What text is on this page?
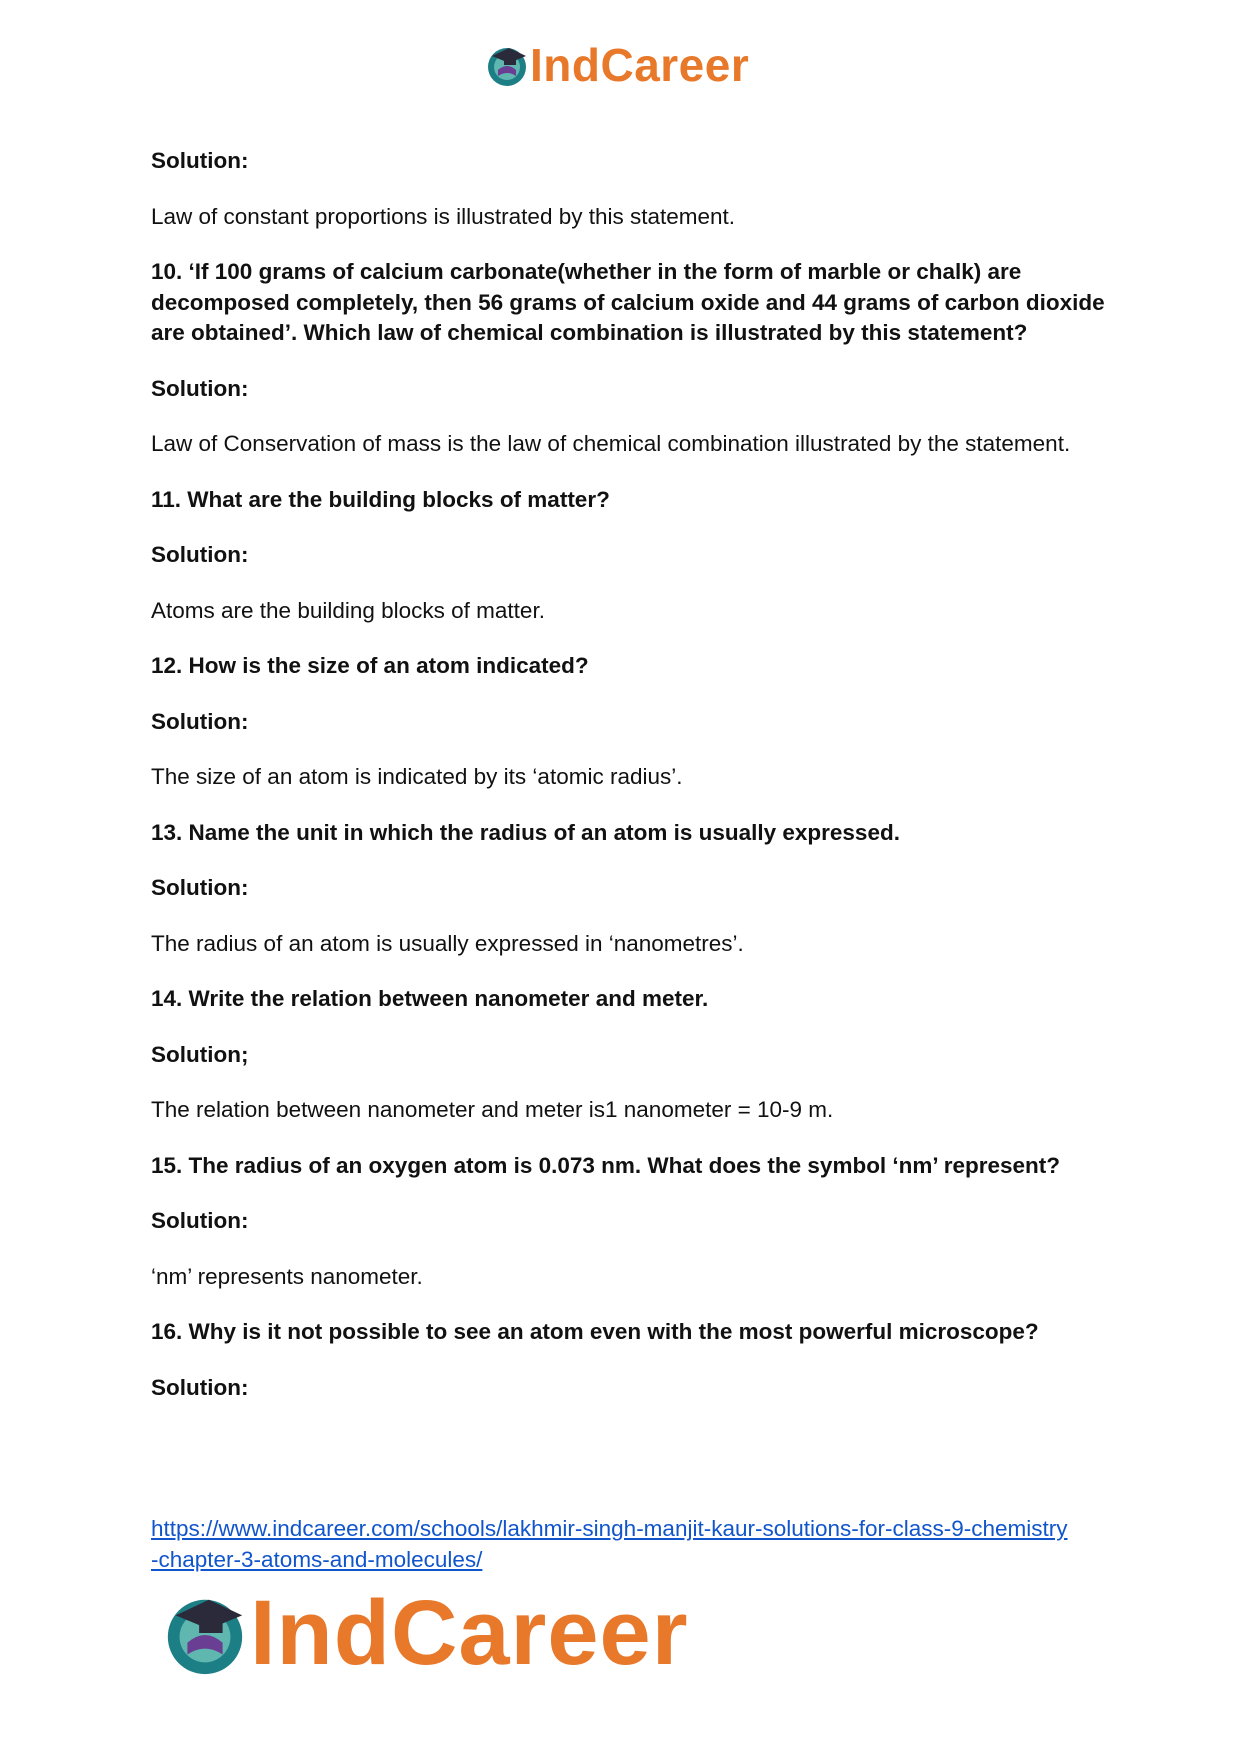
IndCareer

Solution:

Law of constant proportions is illustrated by this statement.

10. ‘If 100 grams of calcium carbonate(whether in the form of marble or chalk) are decomposed completely, then 56 grams of calcium oxide and 44 grams of carbon dioxide are obtained’. Which law of chemical combination is illustrated by this statement?

Solution:

Law of Conservation of mass is the law of chemical combination illustrated by the statement.

11. What are the building blocks of matter?

Solution:

Atoms are the building blocks of matter.

12. How is the size of an atom indicated?

Solution:

The size of an atom is indicated by its ‘atomic radius’.

13. Name the unit in which the radius of an atom is usually expressed.

Solution:

The radius of an atom is usually expressed in ‘nanometres’.

14. Write the relation between nanometer and meter.

Solution;

The relation between nanometer and meter is1 nanometer = 10-9 m.

15. The radius of an oxygen atom is 0.073 nm. What does the symbol ‘nm’ represent?

Solution:

‘nm’ represents nanometer.

16. Why is it not possible to see an atom even with the most powerful microscope?

Solution:

https://www.indcareer.com/schools/lakhmir-singh-manjit-kaur-solutions-for-class-9-chemistry
-chapter-3-atoms-and-molecules/
IndCareer
